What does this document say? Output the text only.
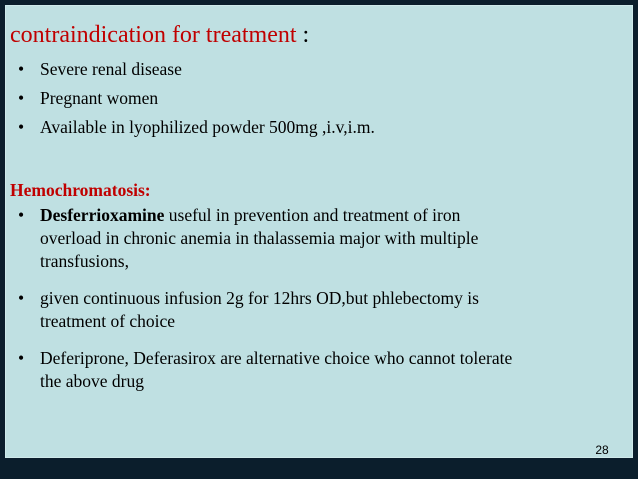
contraindication for treatment :
• Severe renal disease
• Pregnant women
• Available in lyophilized powder 500mg ,i.v,i.m.
Hemochromatosis:
• Desferrioxamine useful in prevention and treatment of iron
overload in chronic anemia in thalassemia major with multiple
transfusions,
• given continuous infusion 2g for 12hrs OD,but phlebectomy is
treatment of choice
• Deferiprone, Deferasirox are alternative choice who cannot tolerate
the above drug
28
